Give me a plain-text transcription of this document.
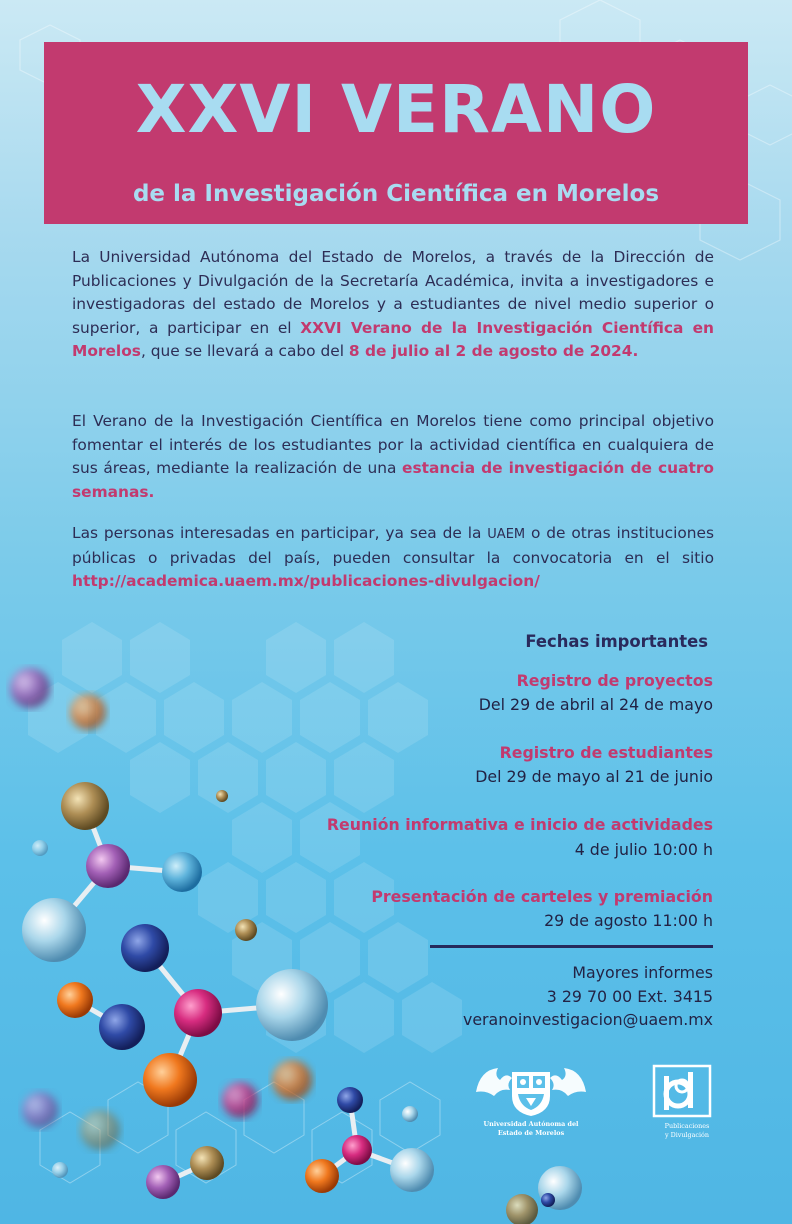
XXVI VERANO
de la Investigación Científica en Morelos

La Universidad Autónoma del Estado de Morelos, a través de la Dirección de Publicaciones y Divulgación de la Secretaría Académica, invita a investigadores e investigadoras del estado de Morelos y a estudiantes de nivel medio superior o superior, a participar en el XXVI Verano de la Investigación Científica en Morelos, que se llevará a cabo del 8 de julio al 2 de agosto de 2024.

El Verano de la Investigación Científica en Morelos tiene como principal objetivo fomentar el interés de los estudiantes por la actividad científica en cualquiera de sus áreas, mediante la realización de una estancia de investigación de cuatro semanas.

Las personas interesadas en participar, ya sea de la UAEM o de otras instituciones públicas o privadas del país, pueden consultar la convocatoria en el sitio http://academica.uaem.mx/publicaciones-divulgacion/

Fechas importantes
Registro de proyectos
Del 29 de abril al 24 de mayo
Registro de estudiantes
Del 29 de mayo al 21 de junio
Reunión informativa e inicio de actividades
4 de julio 10:00 h
Presentación de carteles y premiación
29 de agosto 11:00 h
Mayores informes
3 29 70 00 Ext. 3415
veranoinvestigacion@uaem.mx
Universidad Autónoma del
Estado de Morelos
Publicaciones
y Divulgación
